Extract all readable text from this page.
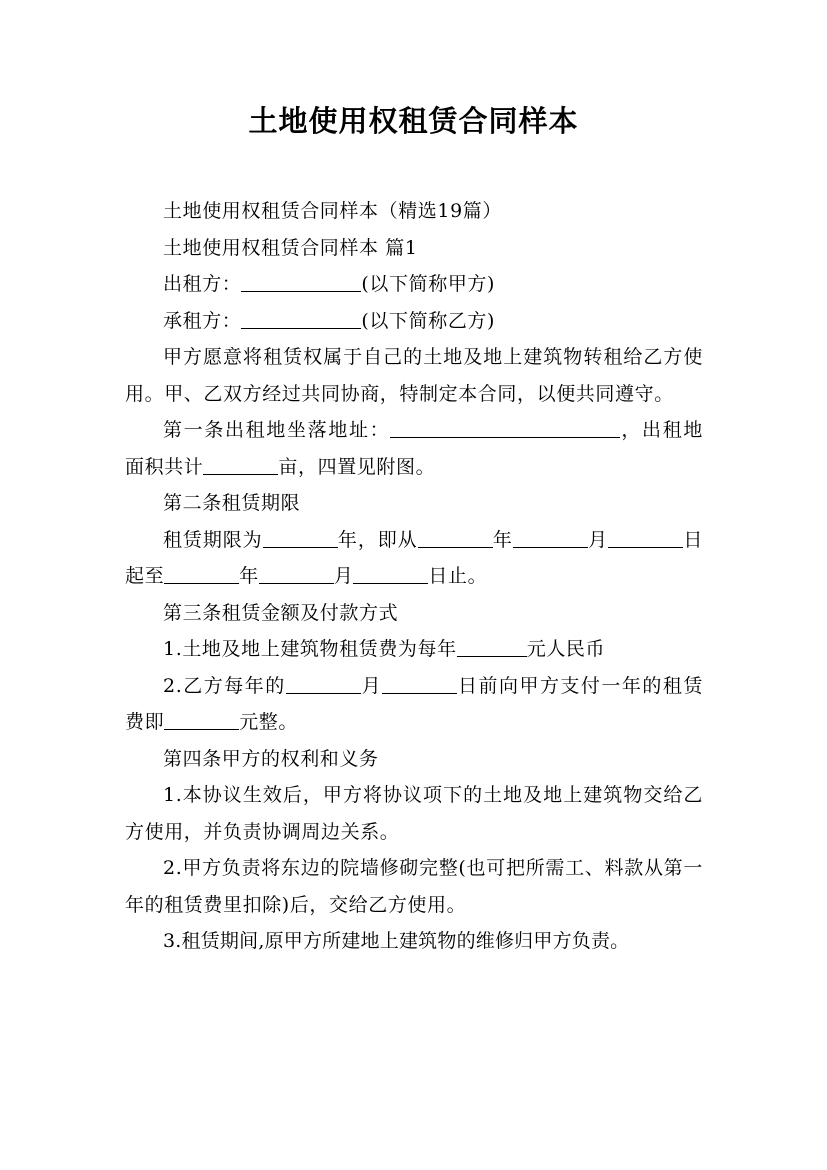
土地使用权租赁合同样本

土地使用权租赁合同样本（精选19篇）

土地使用权租赁合同样本 篇1

出租方：	(以下简称甲方)

承租方：	(以下简称乙方)

甲方愿意将租赁权属于自己的土地及地上建筑物转租给乙方使用。甲、乙双方经过共同协商，特制定本合同，以便共同遵守。

第一条出租地坐落地址：	，出租地面积共计	亩，四置见附图。

第二条租赁期限

租赁期限为	年，即从	年	月	日起至	年	月	日止。

第三条租赁金额及付款方式

1.土地及地上建筑物租赁费为每年	元人民币

2.乙方每年的	月	日前向甲方支付一年的租赁费即	元整。

第四条甲方的权利和义务

1.本协议生效后，甲方将协议项下的土地及地上建筑物交给乙方使用，并负责协调周边关系。

2.甲方负责将东边的院墙修砌完整(也可把所需工、料款从第一年的租赁费里扣除)后，交给乙方使用。

3.租赁期间,原甲方所建地上建筑物的维修归甲方负责。
